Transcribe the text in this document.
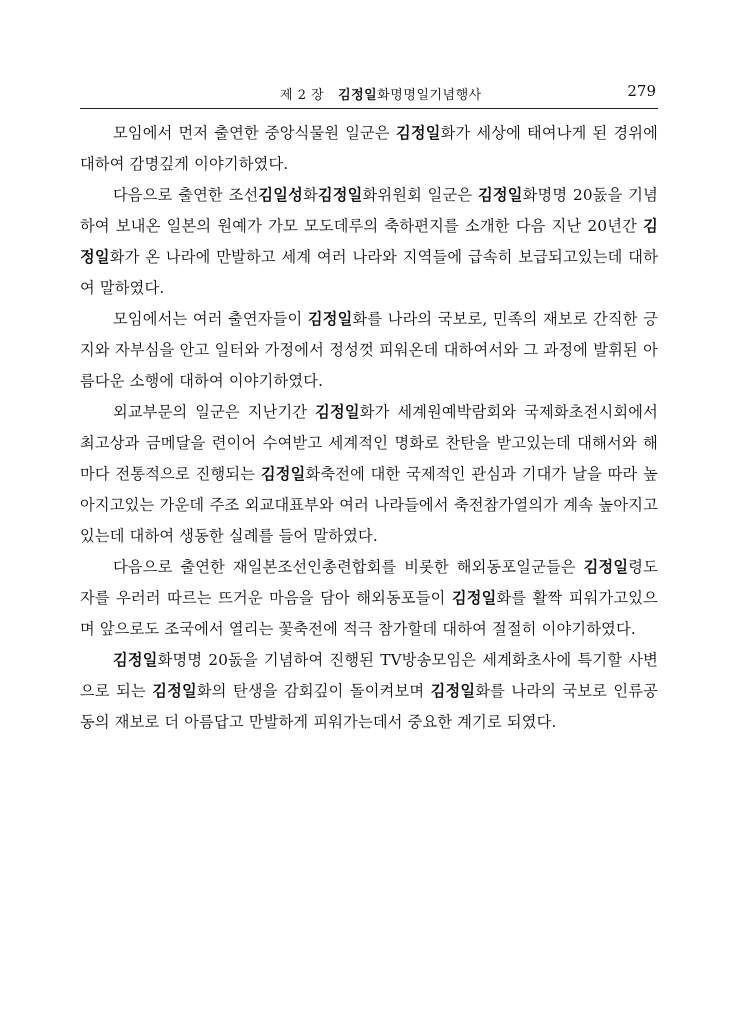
제 2 장 김정일화명명일기념행사	279

모임에서 먼저 출연한 중앙식물원 일군은 김정일화가 세상에 태여나게 된 경위에 대하여 감명깊게 이야기하였다.

다음으로 출연한 조선김일성화김정일화위원회 일군은 김정일화명명 20돐을 기념하여 보내온 일본의 원예가 가모 모도데루의 축하편지를 소개한 다음 지난 20년간 김정일화가 온 나라에 만발하고 세계 여러 나라와 지역들에 급속히 보급되고있는데 대하여 말하였다.

모임에서는 여러 출연자들이 김정일화를 나라의 국보로, 민족의 재보로 간직한 긍지와 자부심을 안고 일터와 가정에서 정성껏 피워온데 대하여서와 그 과정에 발휘된 아름다운 소행에 대하여 이야기하였다.

외교부문의 일군은 지난기간 김정일화가 세계원예박람회와 국제화초전시회에서 최고상과 금메달을 련이어 수여받고 세계적인 명화로 찬탄을 받고있는데 대해서와 해마다 전통적으로 진행되는 김정일화축전에 대한 국제적인 관심과 기대가 날을 따라 높아지고있는 가운데 주조 외교대표부와 여러 나라들에서 축전참가열의가 계속 높아지고있는데 대하여 생동한 실례를 들어 말하였다.

다음으로 출연한 재일본조선인총련합회를 비롯한 해외동포일군들은 김정일령도자를 우러러 따르는 뜨거운 마음을 담아 해외동포들이 김정일화를 활짝 피워가고있으며 앞으로도 조국에서 열리는 꽃축전에 적극 참가할데 대하여 절절히 이야기하였다.

김정일화명명 20돐을 기념하여 진행된 TV방송모임은 세계화초사에 특기할 사변으로 되는 김정일화의 탄생을 감회깊이 돌이켜보며 김정일화를 나라의 국보로 인류공동의 재보로 더 아름답고 만발하게 피워가는데서 중요한 계기로 되였다.
